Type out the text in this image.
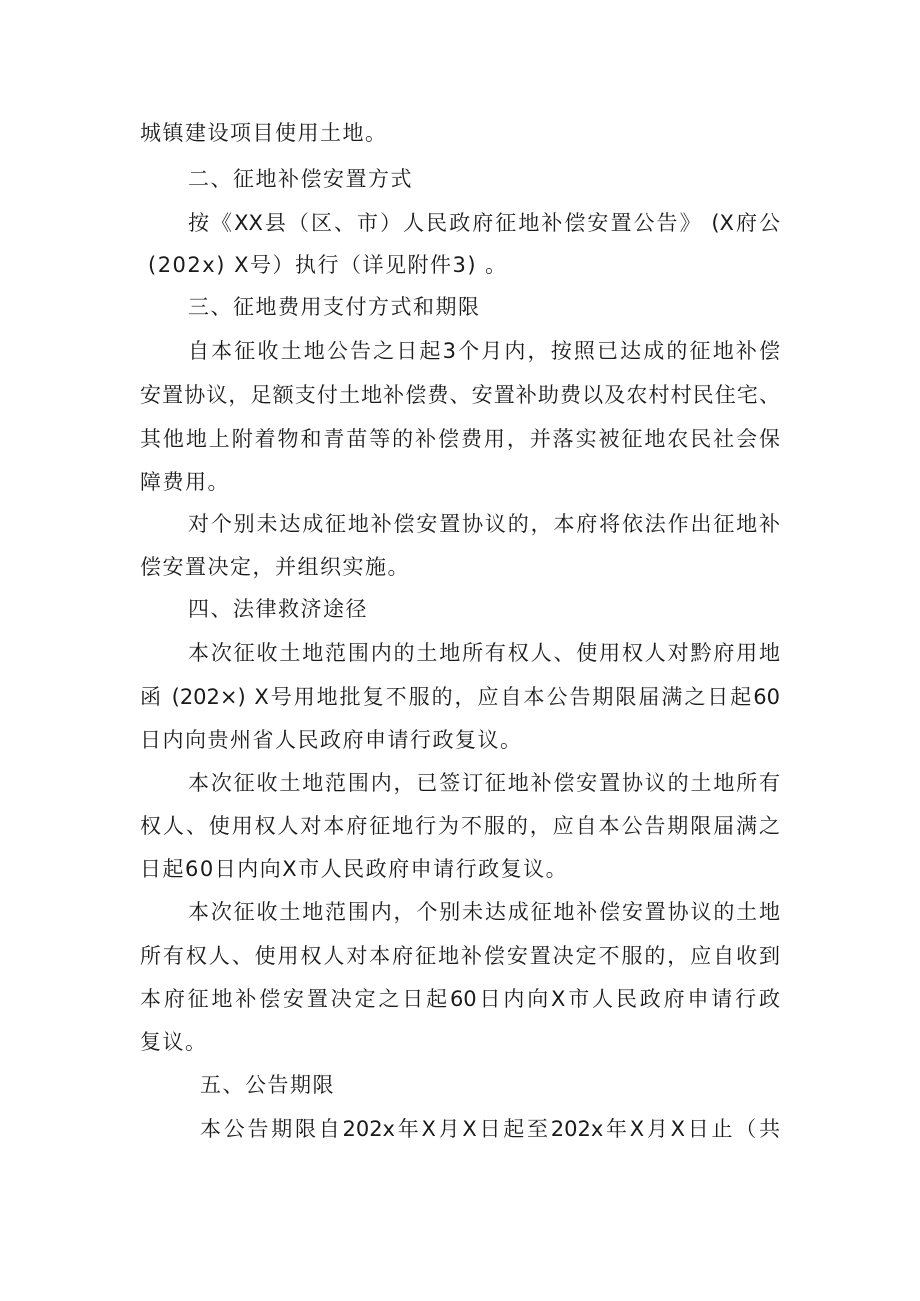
城镇建设项目使用土地。
二、征地补偿安置方式
按《XX县（区、市）人民政府征地补偿安置公告》 (X府公
(202x) X号）执行（详见附件3) 。
三、征地费用支付方式和期限
自本征收土地公告之日起3个月内，按照已达成的征地补偿
安置协议，足额支付土地补偿费、安置补助费以及农村村民住宅、
其他地上附着物和青苗等的补偿费用，并落实被征地农民社会保
障费用。
对个别未达成征地补偿安置协议的，本府将依法作出征地补
偿安置决定，并组织实施。
四、法律救济途径
本次征收土地范围内的土地所有权人、使用权人对黔府用地
函 (202×) X号用地批复不服的，应自本公告期限届满之日起60
日内向贵州省人民政府申请行政复议。
本次征收土地范围内，已签订征地补偿安置协议的土地所有
权人、使用权人对本府征地行为不服的，应自本公告期限届满之
日起60日内向X市人民政府申请行政复议。
本次征收土地范围内，个别未达成征地补偿安置协议的土地
所有权人、使用权人对本府征地补偿安置决定不服的，应自收到
本府征地补偿安置决定之日起60日内向X市人民政府申请行政
复议。
五、公告期限
本公告期限自202x年X月X日起至202x年X月X日止（共
